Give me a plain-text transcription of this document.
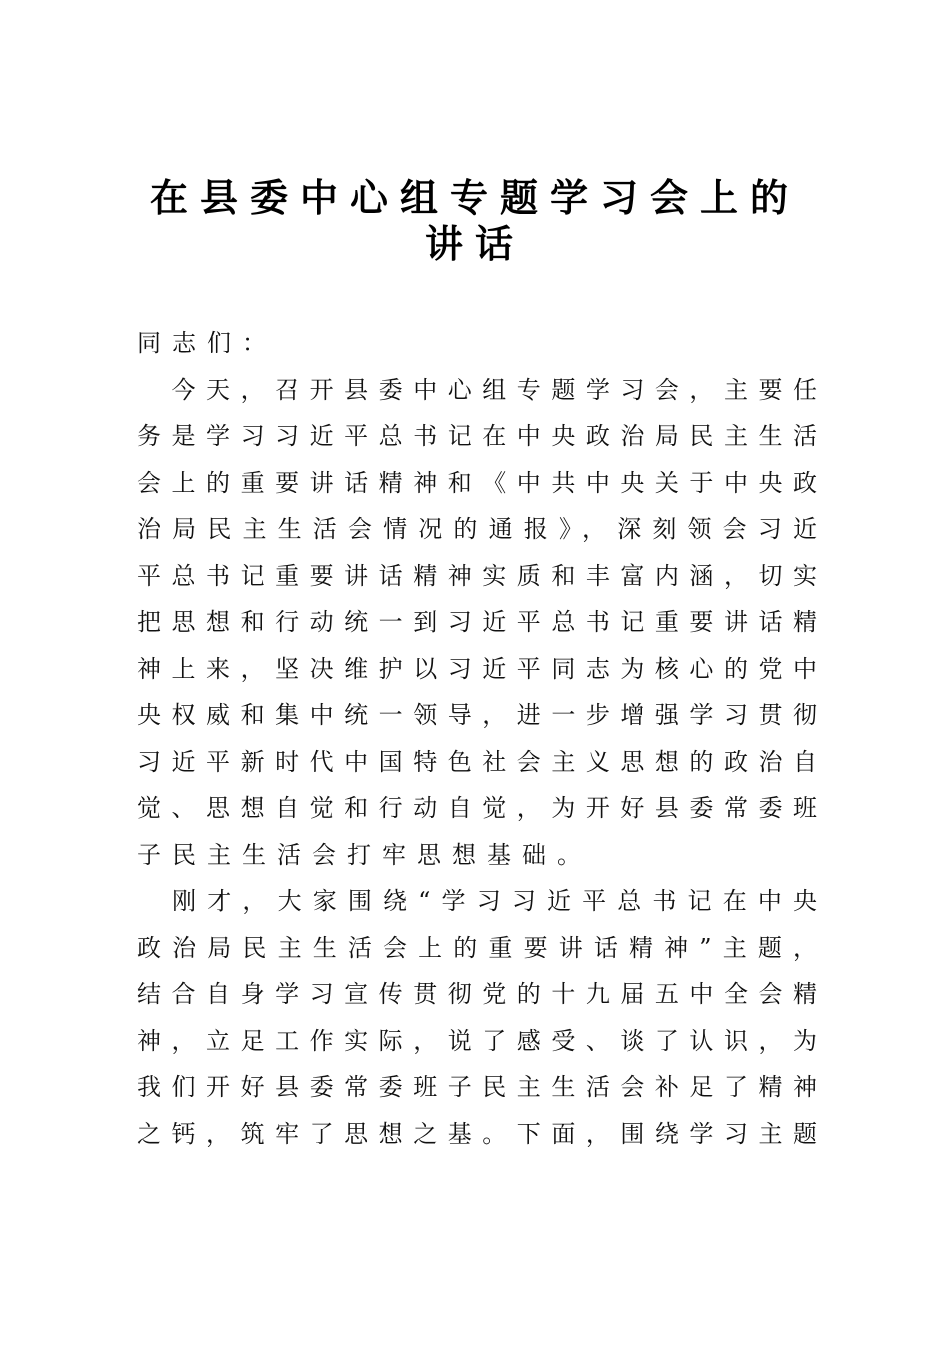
在县委中心组专题学习会上的
讲话
同志们：
　今天，召开县委中心组专题学习会，主要任
务是学习习近平总书记在中央政治局民主生活
会上的重要讲话精神和《中共中央关于中央政
治局民主生活会情况的通报》，深刻领会习近
平总书记重要讲话精神实质和丰富内涵，切实
把思想和行动统一到习近平总书记重要讲话精
神上来，坚决维护以习近平同志为核心的党中
央权威和集中统一领导，进一步增强学习贯彻
习近平新时代中国特色社会主义思想的政治自
觉、思想自觉和行动自觉，为开好县委常委班
子民主生活会打牢思想基础。
　刚才，大家围绕“学习习近平总书记在中央
政治局民主生活会上的重要讲话精神”主题，
结合自身学习宣传贯彻党的十九届五中全会精
神，立足工作实际，说了感受、谈了认识，为
我们开好县委常委班子民主生活会补足了精神
之钙，筑牢了思想之基。下面，围绕学习主题
